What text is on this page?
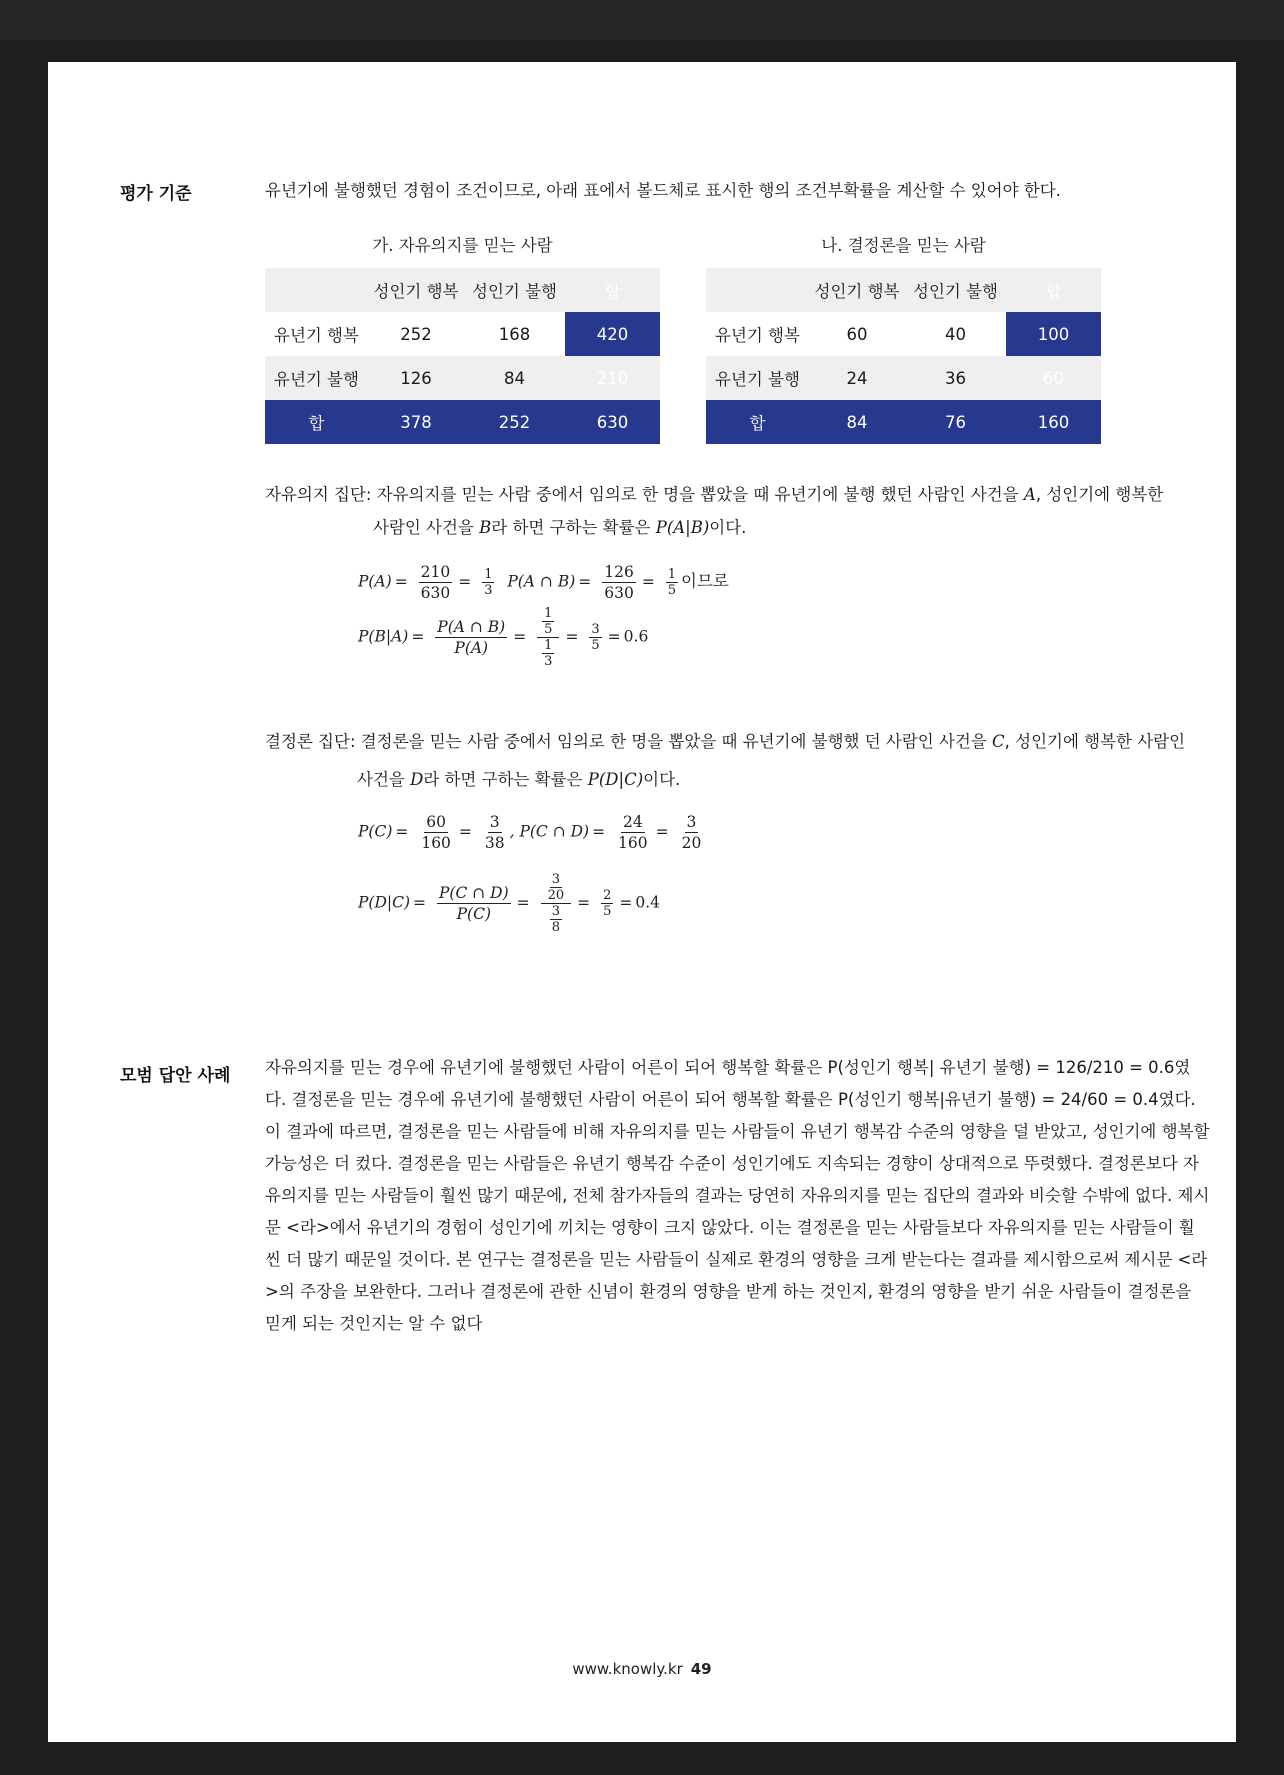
평가 기준	유년기에 불행했던 경험이 조건이므로, 아래 표에서 볼드체로 표시한 행의 조건부확률을 계산할 수 있어야 한다.
가. 자유의지를 믿는 사람	나. 결정론을 믿는 사람
	성인기 행복	성인기 불행	합
유년기 행복	252	168	420
유년기 불행	126	84	210
합	378	252	630
	성인기 행복	성인기 불행	합
유년기 행복	60	40	100
유년기 불행	24	36	60
합	84	76	160
자유의지 집단: 자유의지를 믿는 사람 중에서 임의로 한 명을 뽑았을 때 유년기에 불행 했던 사람인 사건을 A, 성인기에 행복한
사람인 사건을 B라 하면 구하는 확률은 P(A|B)이다.
$P(A) = \frac{210}{630} = \frac{1}{3} P(A$ ∩ $B) = \frac{126}{630} = \frac{1}{5}$ 이므로
$P(B|A) = \frac{P(A \cap B)}{P(A)} = \frac{\frac{1}{5}}{\frac{1}{3}} = \frac{3}{5} = 0.6$
결정론 집단: 결정론을 믿는 사람 중에서 임의로 한 명을 뽑았을 때 유년기에 불행했 던 사람인 사건을 C, 성인기에 행복한 사람인
사건을 D라 하면 구하는 확률은 P(D|C)이다.
$P(C) = \frac{60}{160} = \frac{3}{38}$ , P(C ∩ $D) = \frac{24}{160} = \frac{3}{20}$
$P(D|C) = \frac{P(C \cap D)}{P(C)} = \frac{\frac{3}{20}}{\frac{3}{8}} = \frac{2}{5} = 0.4$
모범 답안 사례 자유의지를 믿는 경우에 유년기에 불행했던 사람이 어른이 되어 행복할 확률은 P(성인기 행복| 유년기 불행) = 126/210 = 0.6였다. 결정론을 믿는 경우에 유년기에 불행했던 사람이 어른이 되어 행복할 확률은 P(성인기 행복|유년기 불행) = 24/60 = 0.4였다. 이 결과에 따르면, 결정론을 믿는 사람들에 비해 자유의지를 믿는 사람들이 유년기 행복감 수준의 영향을 덜 받았고, 성인기에 행복할 가능성은 더 컸다. 결정론을 믿는 사람들은 유년기 행복감 수준이 성인기에도 지속되는 경향이 상대적으로 뚜렷했다. 결정론보다 자유의지를 믿는 사람들이 훨씬 많기 때문에, 전체 참가자들의 결과는 당연히 자유의지를 믿는 집단의 결과와 비슷할 수밖에 없다. 제시문 <라>에서 유년기의 경험이 성인기에 끼치는 영향이 크지 않았다. 이는 결정론을 믿는 사람들보다 자유의지를 믿는 사람들이 훨씬 더 많기 때문일 것이다. 본 연구는 결정론을 믿는 사람들이 실제로 환경의 영향을 크게 받는다는 결과를 제시함으로써 제시문 <라>의 주장을 보완한다. 그러나 결정론에 관한 신념이 환경의 영향을 받게 하는 것인지, 환경의 영향을 받기 쉬운 사람들이 결정론을 믿게 되는 것인지는 알 수 없다
www.knowly.kr 49
